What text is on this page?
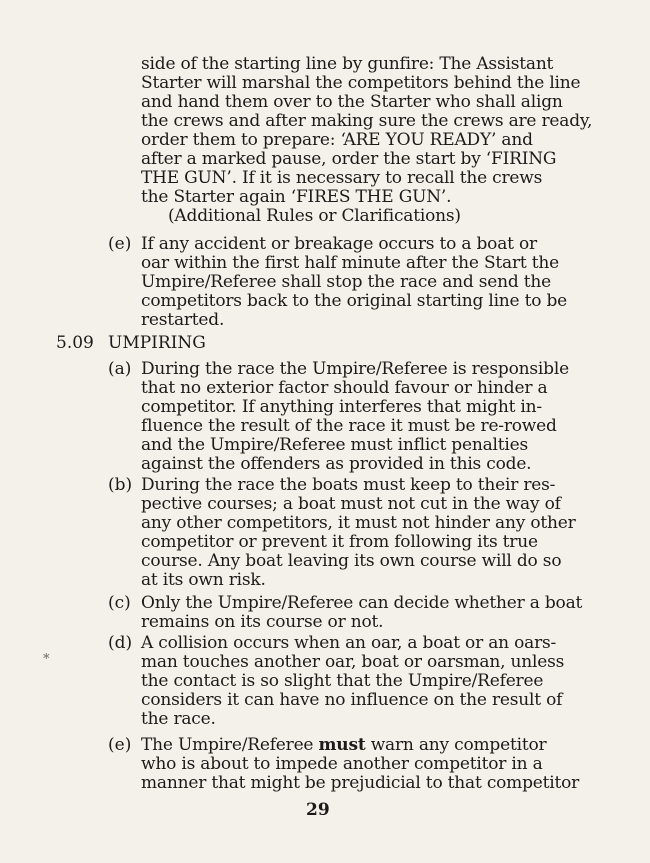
side of the starting line by gunfire: The Assistant
Starter will marshal the competitors behind the line
and hand them over to the Starter who shall align
the crews and after making sure the crews are ready,
order them to prepare: ‘ARE YOU READY’ and
after a marked pause, order the start by ‘FIRING
THE GUN’. If it is necessary to recall the crews
the Starter again ‘FIRES THE GUN’.
(Additional Rules or Clarifications)
(e) If any accident or breakage occurs to a boat or
oar within the first half minute after the Start the
Umpire/Referee shall stop the race and send the
competitors back to the original starting line to be
restarted.
5.09 UMPIRING
(a) During the race the Umpire/Referee is responsible
that no exterior factor should favour or hinder a
competitor. If anything interferes that might in-
fluence the result of the race it must be re-rowed
and the Umpire/Referee must inflict penalties
against the offenders as provided in this code.
(b) During the race the boats must keep to their res-
pective courses; a boat must not cut in the way of
any other competitors, it must not hinder any other
competitor or prevent it from following its true
course. Any boat leaving its own course will do so
at its own risk.
(c) Only the Umpire/Referee can decide whether a boat
remains on its course or not.
(d) A collision occurs when an oar, a boat or an oars-
man touches another oar, boat or oarsman, unless
the contact is so slight that the Umpire/Referee
considers it can have no influence on the result of
the race.
*
(e) The Umpire/Referee must warn any competitor
who is about to impede another competitor in a
manner that might be prejudicial to that competitor
29
